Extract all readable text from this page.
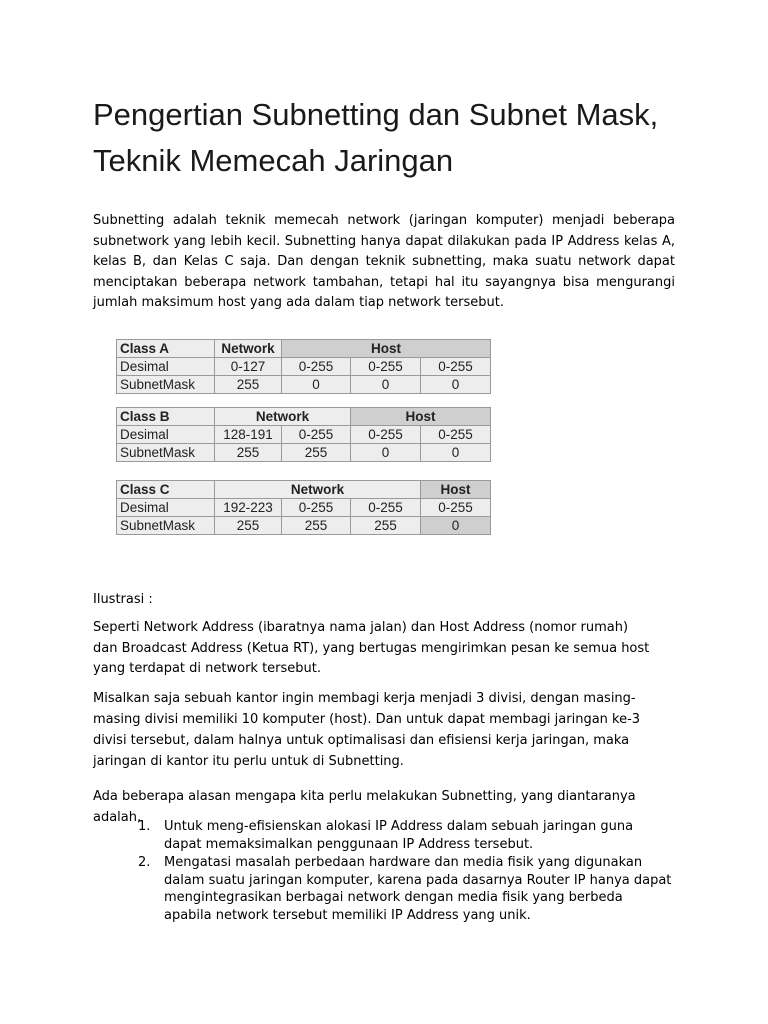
Pengertian Subnetting dan Subnet Mask, Teknik Memecah Jaringan

Subnetting adalah teknik memecah network (jaringan komputer) menjadi beberapa subnetwork yang lebih kecil. Subnetting hanya dapat dilakukan pada IP Address kelas A, kelas B, dan Kelas C saja. Dan dengan teknik subnetting, maka suatu network dapat menciptakan beberapa network tambahan, tetapi hal itu sayangnya bisa mengurangi jumlah maksimum host yang ada dalam tiap network tersebut.

Class A	Network	Host		
Desimal	0-127	0-255	0-255	0-255
SubnetMask	255	0	0	0
Class B	Network		Host	
Desimal	128-191	0-255	0-255	0-255
SubnetMask	255	255	0	0
Class C	Network			Host
Desimal	192-223	0-255	0-255	0-255
SubnetMask	255	255	255	0

Ilustrasi :

Seperti Network Address (ibaratnya nama jalan) dan Host Address (nomor rumah) dan Broadcast Address (Ketua RT), yang bertugas mengirimkan pesan ke semua host yang terdapat di network tersebut.

Misalkan saja sebuah kantor ingin membagi kerja menjadi 3 divisi, dengan masing-masing divisi memiliki 10 komputer (host). Dan untuk dapat membagi jaringan ke-3 divisi tersebut, dalam halnya untuk optimalisasi dan efisiensi kerja jaringan, maka jaringan di kantor itu perlu untuk di Subnetting.

Ada beberapa alasan mengapa kita perlu melakukan Subnetting, yang diantaranya adalah,

1. Untuk meng-efisienskan alokasi IP Address dalam sebuah jaringan guna dapat memaksimalkan penggunaan IP Address tersebut.
2. Mengatasi masalah perbedaan hardware dan media fisik yang digunakan dalam suatu jaringan komputer, karena pada dasarnya Router IP hanya dapat mengintegrasikan berbagai network dengan media fisik yang berbeda apabila network tersebut memiliki IP Address yang unik.
